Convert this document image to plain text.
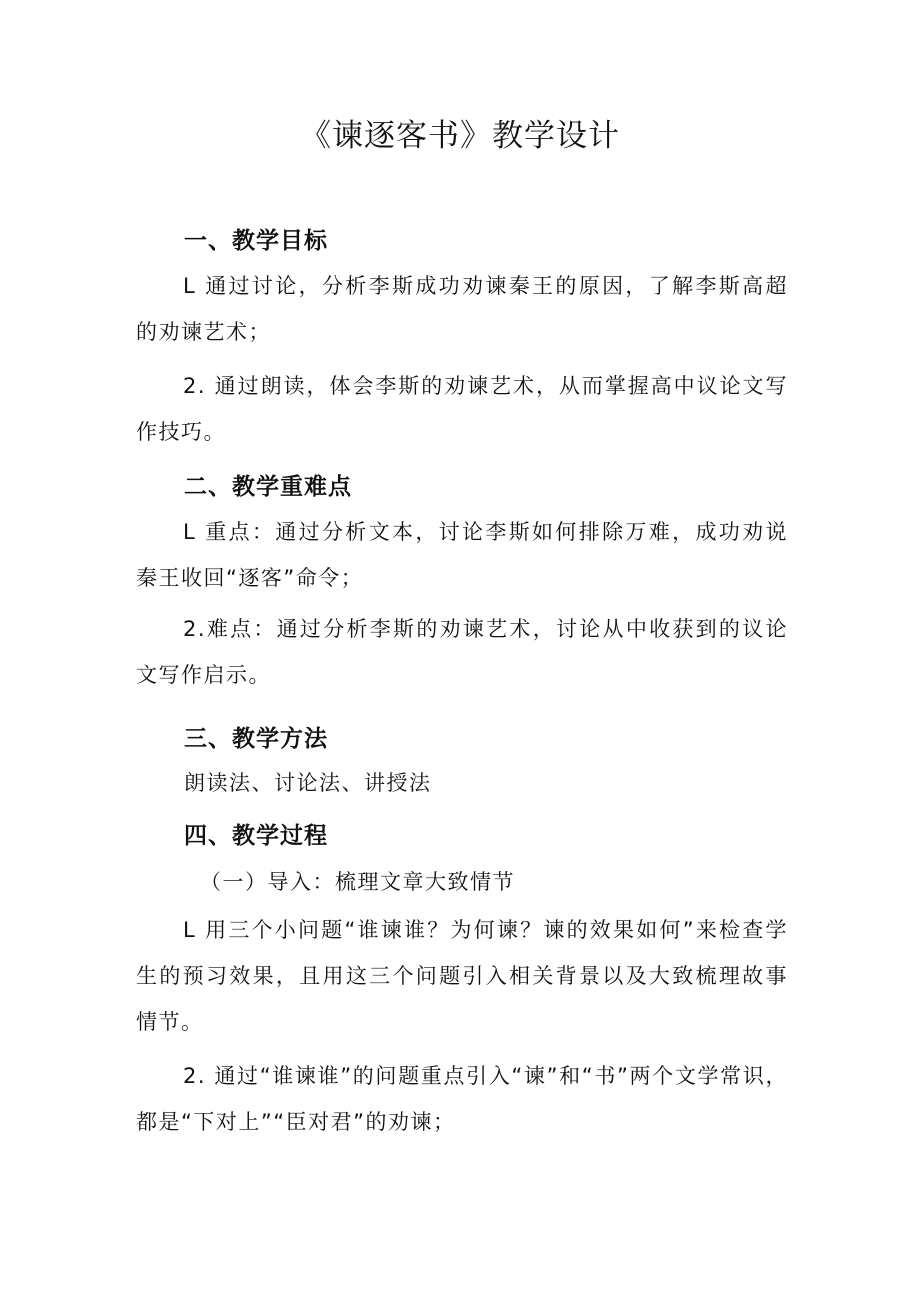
《谏逐客书》教学设计
一、教学目标
L 通过讨论，分析李斯成功劝谏秦王的原因，了解李斯高超的劝谏艺术；
2. 通过朗读，体会李斯的劝谏艺术，从而掌握高中议论文写作技巧。
二、教学重难点
L 重点：通过分析文本，讨论李斯如何排除万难，成功劝说秦王收回“逐客”命令；
2.难点：通过分析李斯的劝谏艺术，讨论从中收获到的议论文写作启示。
三、教学方法
朗读法、讨论法、讲授法
四、教学过程
（一）导入：梳理文章大致情节
L 用三个小问题“谁谏谁？为何谏？谏的效果如何”来检查学生的预习效果，且用这三个问题引入相关背景以及大致梳理故事情节。
2. 通过“谁谏谁”的问题重点引入“谏”和“书”两个文学常识，都是“下对上”“臣对君”的劝谏；
